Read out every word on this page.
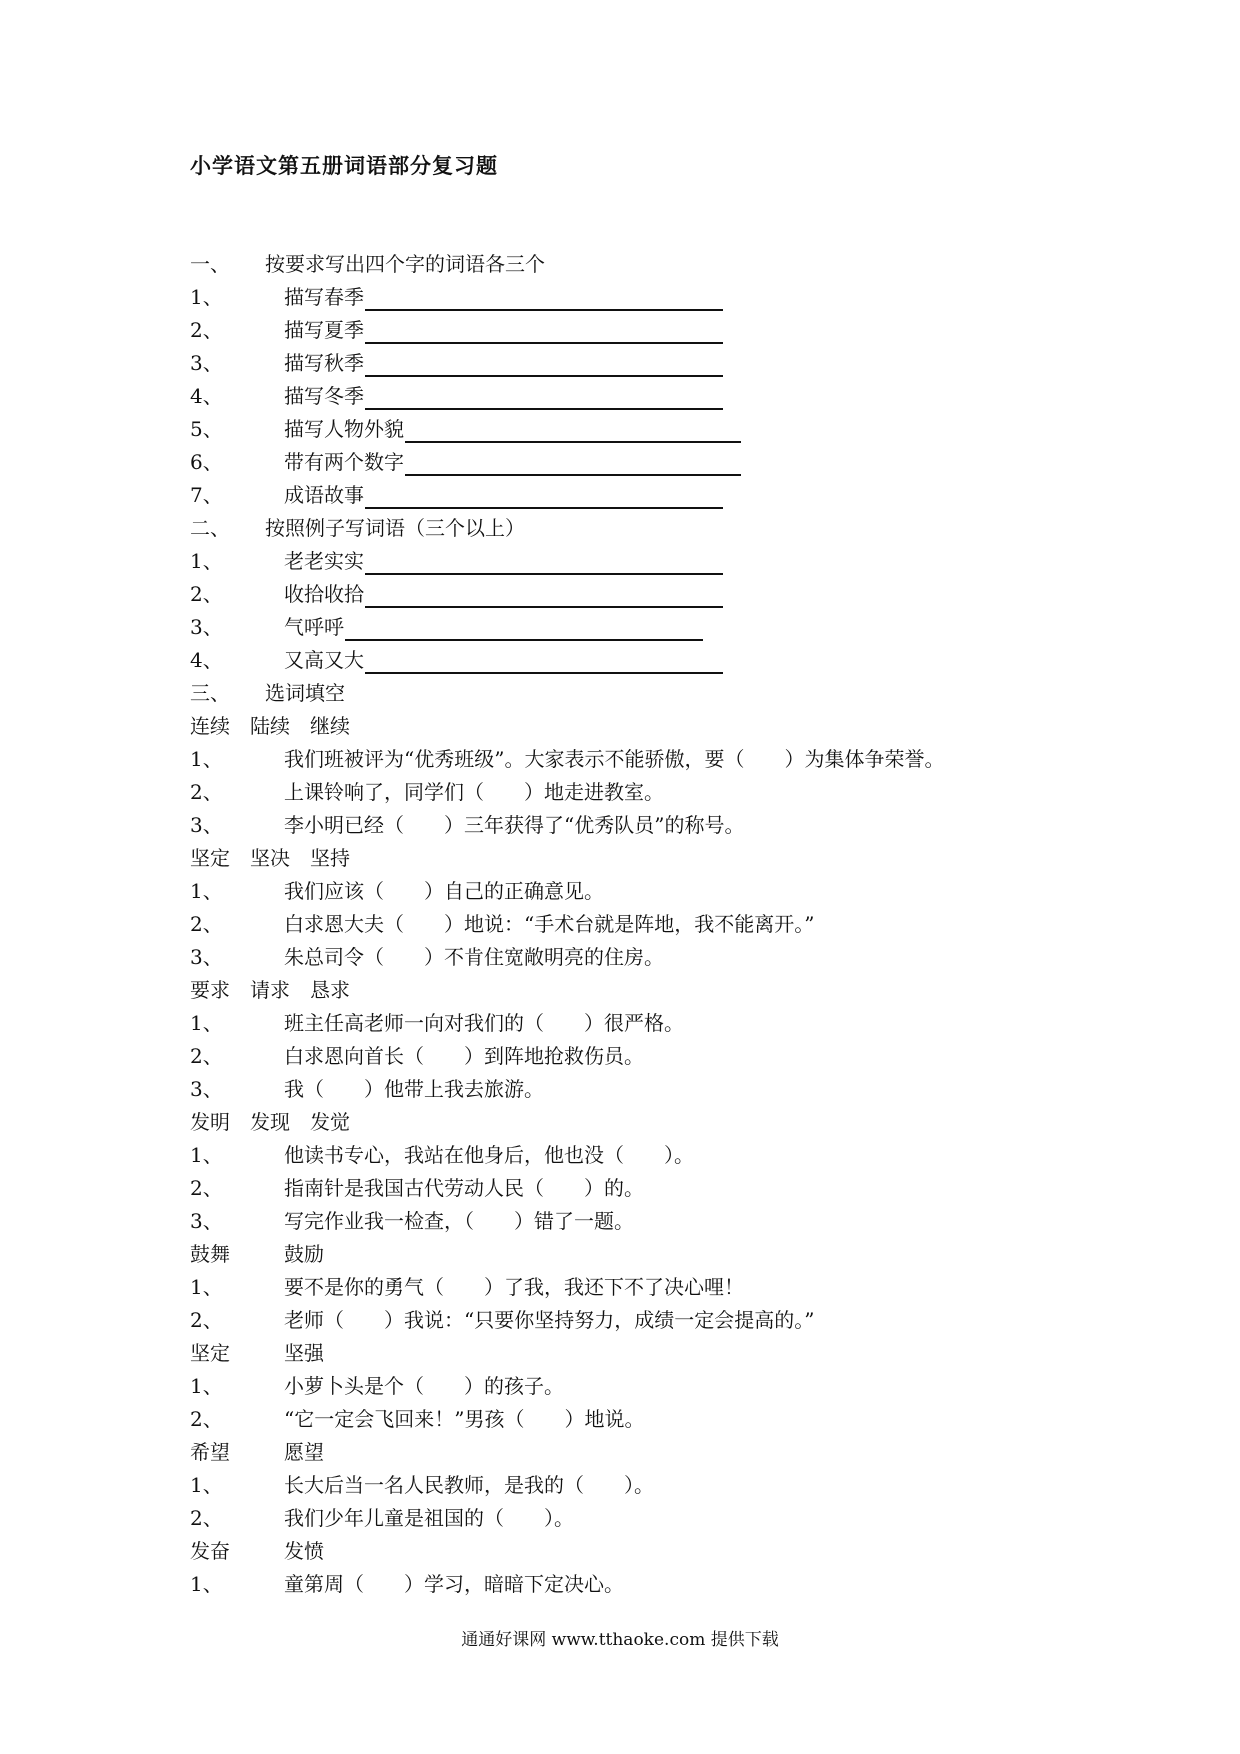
小学语文第五册词语部分复习题
一、	按要求写出四个字的词语各三个
1、	描写春季
2、	描写夏季
3、	描写秋季
4、	描写冬季
5、	描写人物外貌
6、	带有两个数字
7、	成语故事
二、	按照例子写词语（三个以上）
1、	老老实实
2、	收拾收拾
3、	气呼呼
4、	又高又大
三、	选词填空
连续	陆续	继续
1、	我们班被评为“优秀班级”。大家表示不能骄傲，要（　　）为集体争荣誉。
2、	上课铃响了，同学们（　　）地走进教室。
3、	李小明已经（　　）三年获得了“优秀队员”的称号。
坚定	坚决	坚持
1、	我们应该（　　）自己的正确意见。
2、	白求恩大夫（　　）地说：“手术台就是阵地，我不能离开。”
3、	朱总司令（　　）不肯住宽敞明亮的住房。
要求	请求	恳求
1、	班主任高老师一向对我们的（　　）很严格。
2、	白求恩向首长（　　）到阵地抢救伤员。
3、	我（　　）他带上我去旅游。
发明	发现	发觉
1、	他读书专心，我站在他身后，他也没（　　）。
2、	指南针是我国古代劳动人民（　　）的。
3、	写完作业我一检查，（　　）错了一题。
鼓舞	鼓励
1、	要不是你的勇气（　　）了我，我还下不了决心哩！
2、	老师（　　）我说：“只要你坚持努力，成绩一定会提高的。”
坚定	坚强
1、	小萝卜头是个（　　）的孩子。
2、	“它一定会飞回来！”男孩（　　）地说。
希望	愿望
1、	长大后当一名人民教师，是我的（　　）。
2、	我们少年儿童是祖国的（　　）。
发奋	发愤
1、	童第周（　　）学习，暗暗下定决心。
通通好课网 www.tthaoke.com 提供下载
